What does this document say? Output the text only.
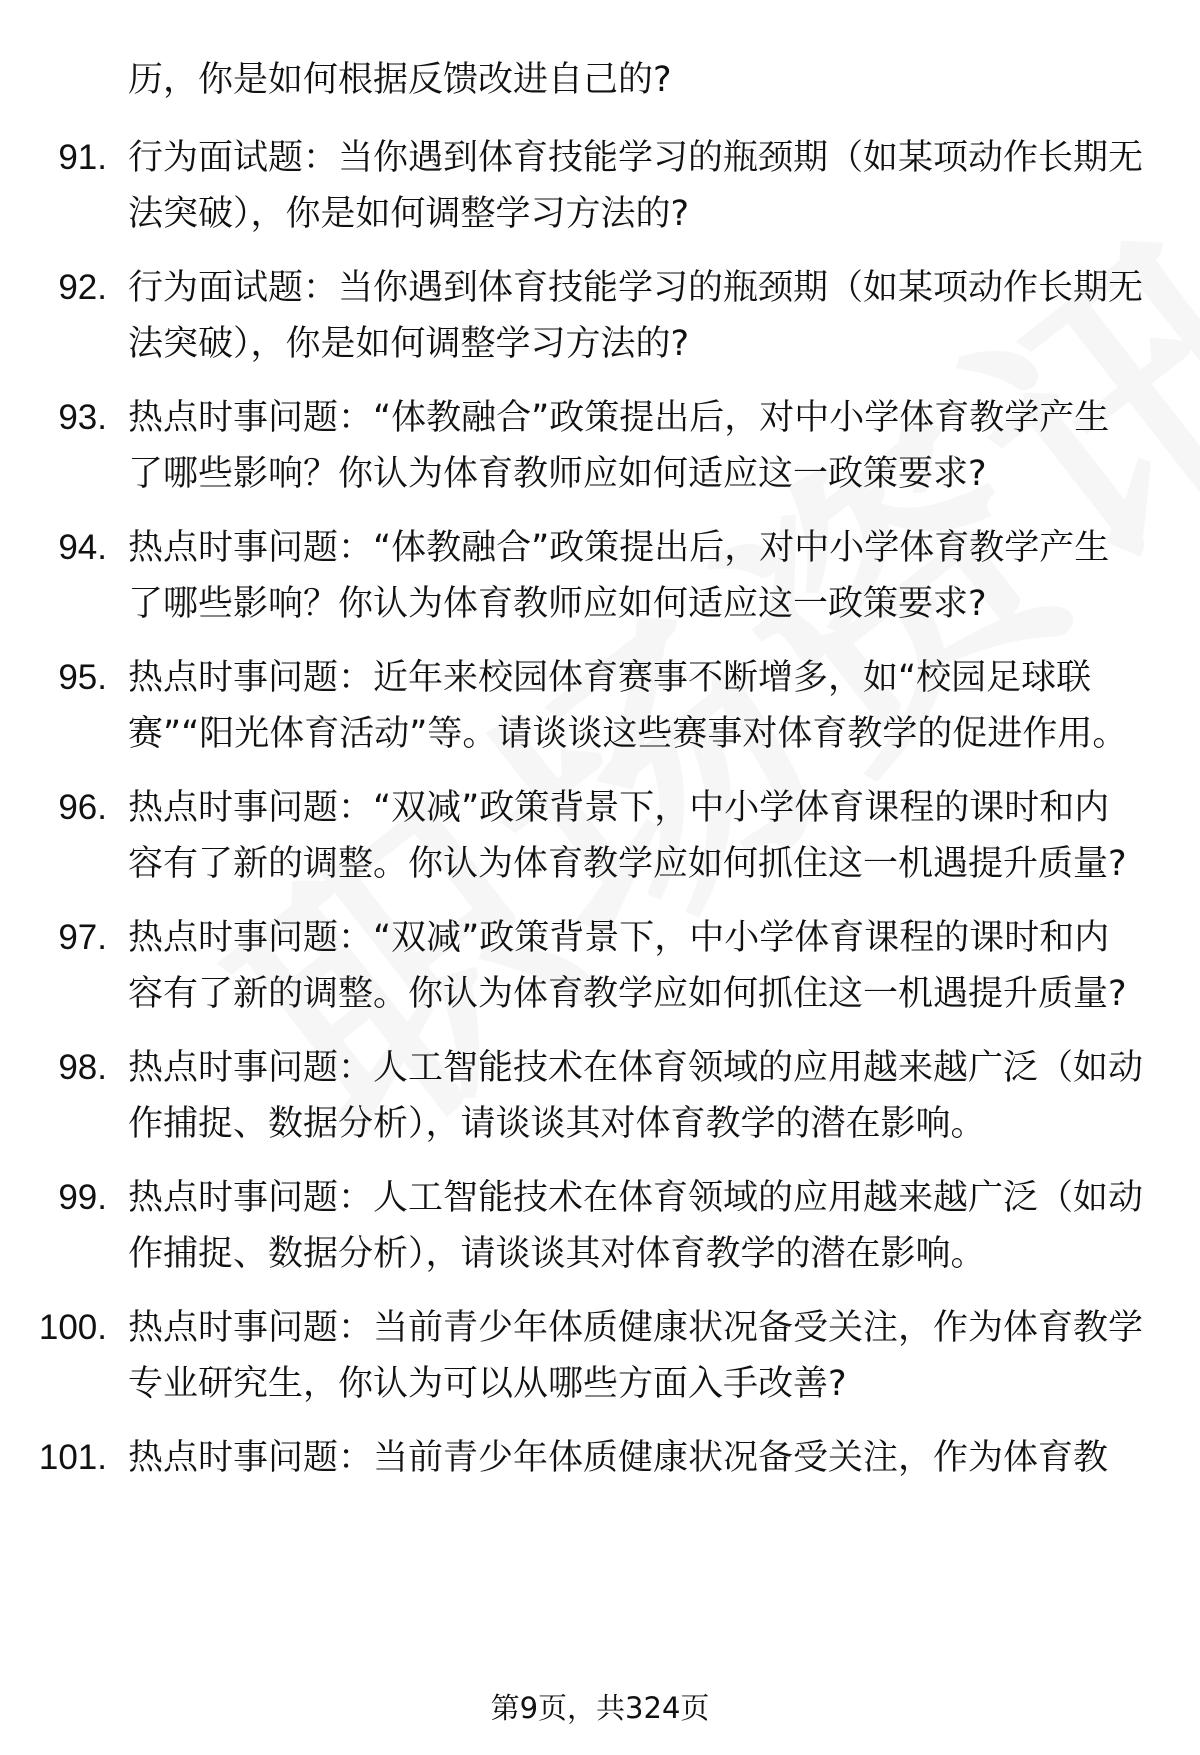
历，你是如何根据反馈改进自己的?
91. 行为面试题：当你遇到体育技能学习的瓶颈期（如某项动作长期无法突破），你是如何调整学习方法的?
92. 行为面试题：当你遇到体育技能学习的瓶颈期（如某项动作长期无法突破），你是如何调整学习方法的?
93. 热点时事问题：“体教融合”政策提出后，对中小学体育教学产生了哪些影响？你认为体育教师应如何适应这一政策要求?
94. 热点时事问题：“体教融合”政策提出后，对中小学体育教学产生了哪些影响？你认为体育教师应如何适应这一政策要求?
95. 热点时事问题：近年来校园体育赛事不断增多，如“校园足球联赛”“阳光体育活动”等。请谈谈这些赛事对体育教学的促进作用。
96. 热点时事问题：“双减”政策背景下，中小学体育课程的课时和内容有了新的调整。你认为体育教学应如何抓住这一机遇提升质量?
97. 热点时事问题：“双减”政策背景下，中小学体育课程的课时和内容有了新的调整。你认为体育教学应如何抓住这一机遇提升质量?
98. 热点时事问题：人工智能技术在体育领域的应用越来越广泛（如动作捕捉、数据分析），请谈谈其对体育教学的潜在影响。
99. 热点时事问题：人工智能技术在体育领域的应用越来越广泛（如动作捕捉、数据分析），请谈谈其对体育教学的潜在影响。
100. 热点时事问题：当前青少年体质健康状况备受关注，作为体育教学专业研究生，你认为可以从哪些方面入手改善?
101. 热点时事问题：当前青少年体质健康状况备受关注，作为体育教
第9页，共324页
